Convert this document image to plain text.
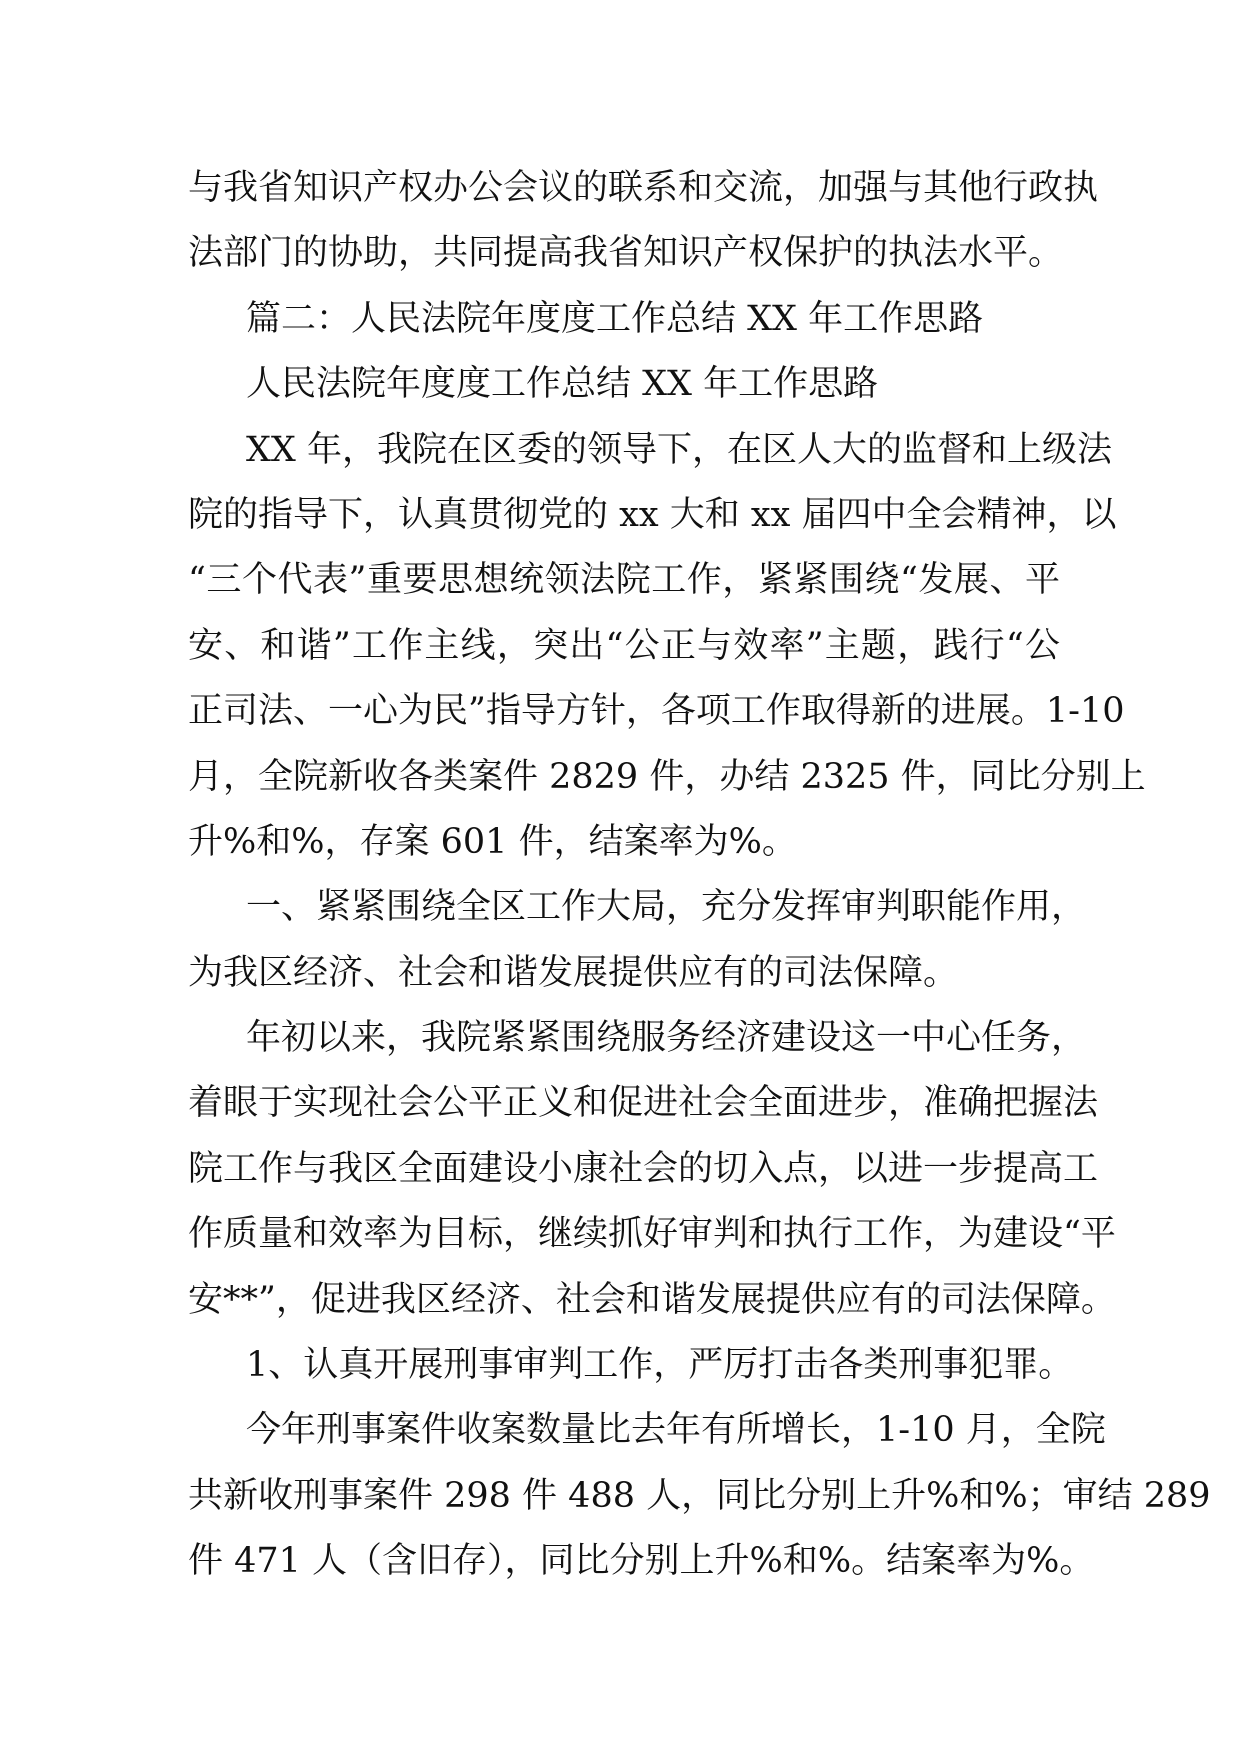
与我省知识产权办公会议的联系和交流，加强与其他行政执
法部门的协助，共同提高我省知识产权保护的执法水平。
篇二：人民法院年度度工作总结 XX 年工作思路
人民法院年度度工作总结 XX 年工作思路
XX 年，我院在区委的领导下，在区人大的监督和上级法
院的指导下，认真贯彻党的 xx 大和 xx 届四中全会精神，以
“三个代表”重要思想统领法院工作，紧紧围绕“发展、平
安、和谐”工作主线，突出“公正与效率”主题，践行“公
正司法、一心为民”指导方针，各项工作取得新的进展。1-10
月，全院新收各类案件 2829 件，办结 2325 件，同比分别上
升%和%，存案 601 件，结案率为%。
一、紧紧围绕全区工作大局，充分发挥审判职能作用，
为我区经济、社会和谐发展提供应有的司法保障。
年初以来，我院紧紧围绕服务经济建设这一中心任务，
着眼于实现社会公平正义和促进社会全面进步，准确把握法
院工作与我区全面建设小康社会的切入点，以进一步提高工
作质量和效率为目标，继续抓好审判和执行工作，为建设“平
安**”，促进我区经济、社会和谐发展提供应有的司法保障。
1、认真开展刑事审判工作，严厉打击各类刑事犯罪。
今年刑事案件收案数量比去年有所增长，1-10 月，全院
共新收刑事案件 298 件 488 人，同比分别上升%和%；审结 289
件 471 人（含旧存），同比分别上升%和%。结案率为%。
